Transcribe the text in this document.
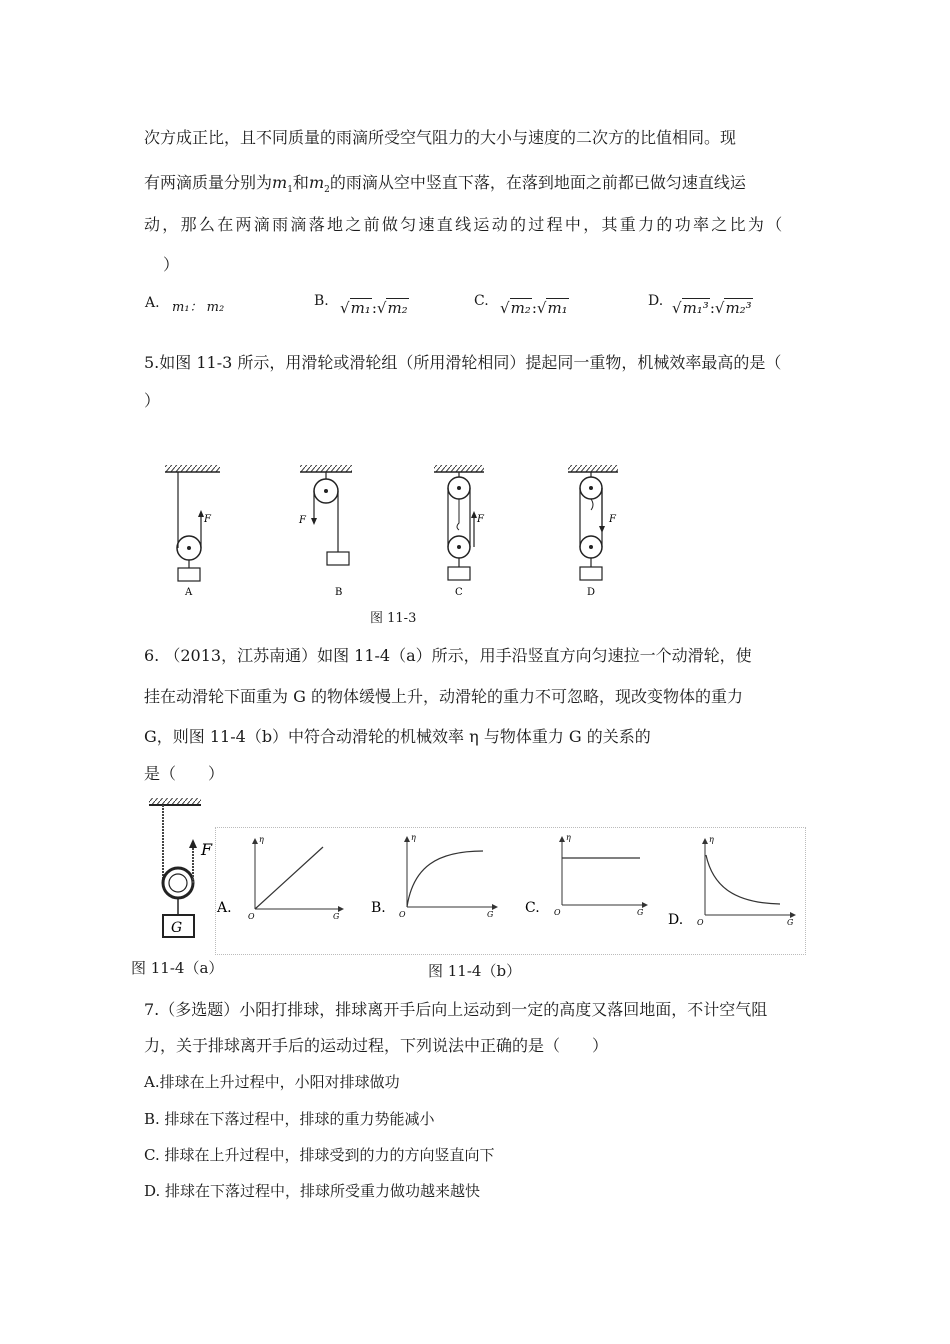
次方成正比，且不同质量的雨滴所受空气阻力的大小与速度的二次方的比值相同。现
有两滴质量分别为$m_1$和$m_2$的雨滴从空中竖直下落，在落到地面之前都已做匀速直线运
动，那么在两滴雨滴落地之前做匀速直线运动的过程中，其重力的功率之比为（
）
A. m₁： m₂	B. √m₁:√m₂	C. √m₂:√m₁	D. √m₁³:√m₂³
5.如图 11-3 所示，用滑轮或滑轮组（所用滑轮相同）提起同一重物，机械效率最高的是（
）
F
A
F
B
F
C
F
D
图 11-3
6. （2013，江苏南通）如图 11-4（a）所示，用手沿竖直方向匀速拉一个动滑轮，使
挂在动滑轮下面重为 G 的物体缓慢上升，动滑轮的重力不可忽略，现改变物体的重力
G，则图 11-4（b）中符合动滑轮的机械效率 η 与物体重力 G 的关系的
是（　　）
F
G
η
O	G
A.
η
O	G
B.
η
O	G
C.
η
O	G
D.
图 11-4（a）	图 11-4（b）
7.（多选题）小阳打排球，排球离开手后向上运动到一定的高度又落回地面，不计空气阻
力，关于排球离开手后的运动过程，下列说法中正确的是（　　）
A.排球在上升过程中，小阳对排球做功
B. 排球在下落过程中，排球的重力势能减小
C. 排球在上升过程中，排球受到的力的方向竖直向下
D. 排球在下落过程中，排球所受重力做功越来越快
